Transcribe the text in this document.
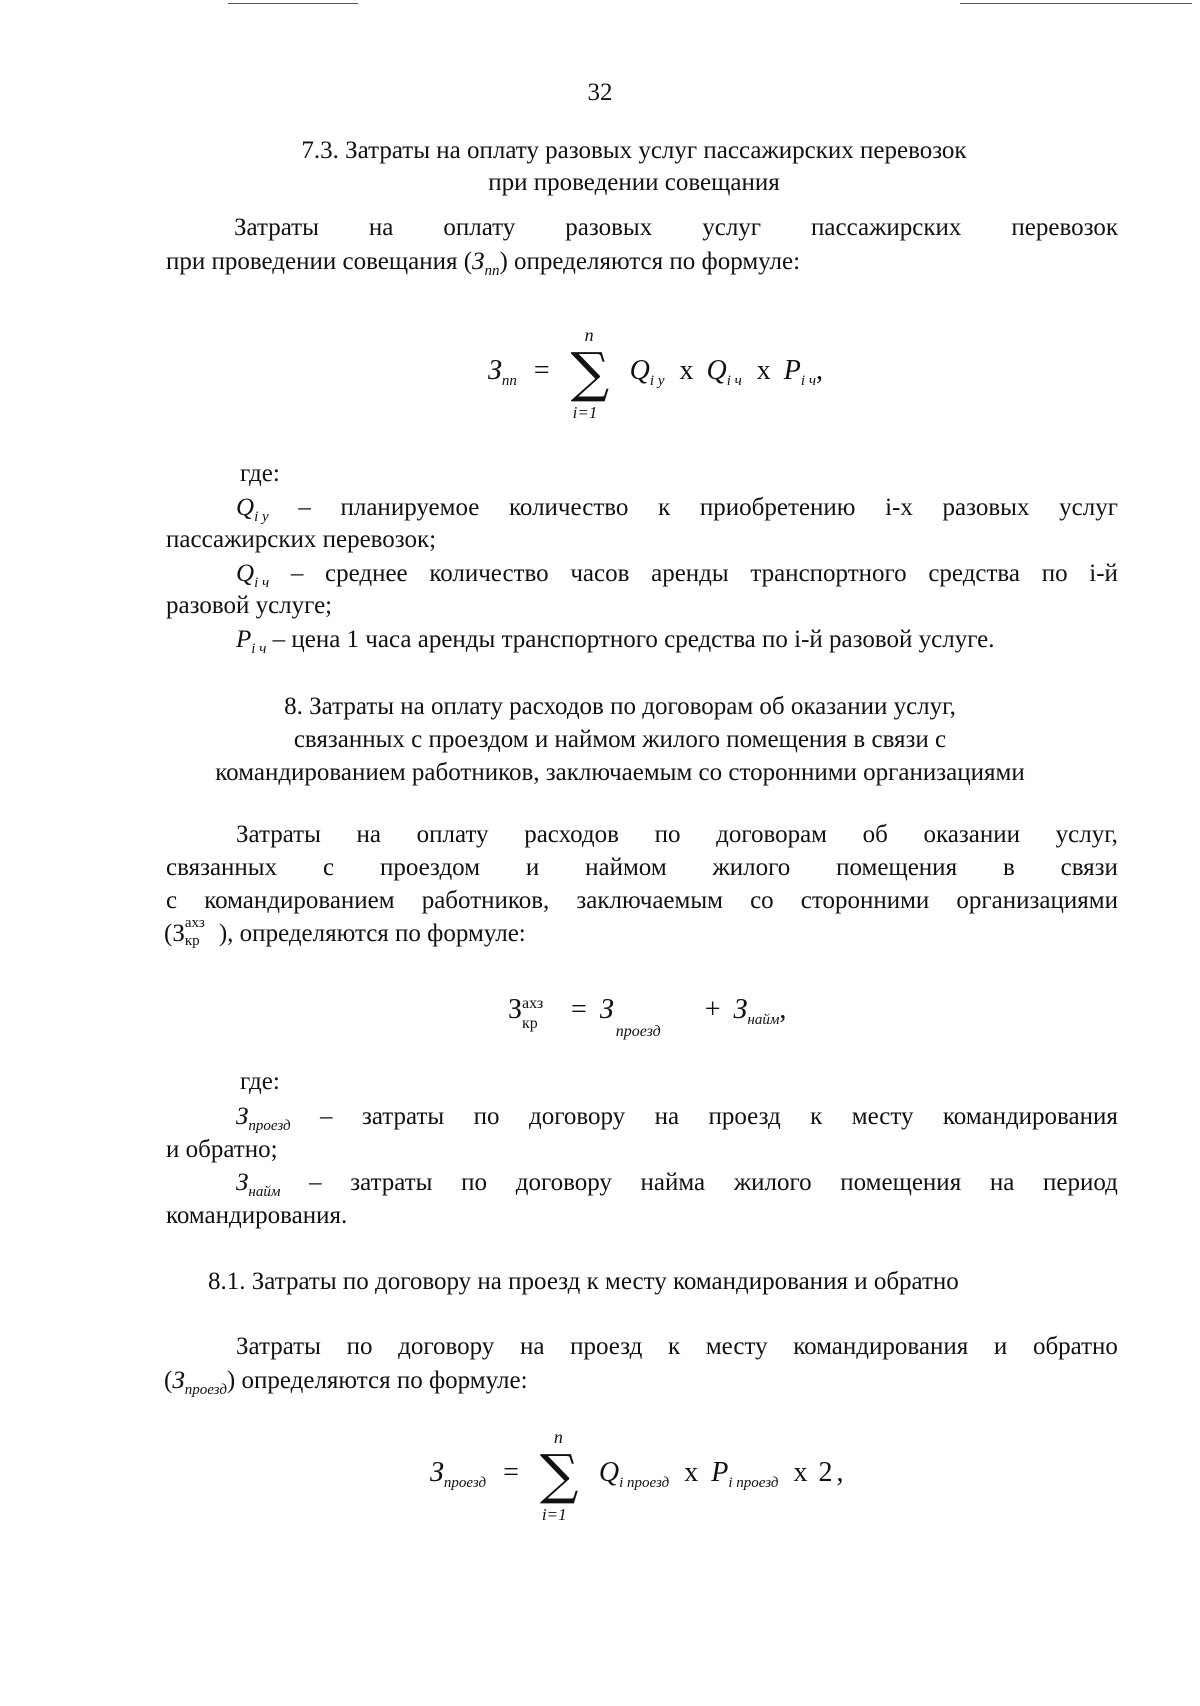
32
7.3. Затраты на оплату разовых услуг пассажирских перевозок
при проведении совещания
Затраты на оплату разовых услуг пассажирских перевозок
при проведении совещания $(З_{пп})$ определяются по формуле:
$З_{пп}$ =
n
∑
i=1
$Q_{i у}$ х $Q_{i ч}$ х $P_{i ч}$,
где:
$Q_{i у}$ – планируемое количество к приобретению i-х разовых услуг
пассажирских перевозок;
$Q_{i ч}$ – среднее количество часов аренды транспортного средства по i-й
разовой услуге;
$P_{i ч}$ – цена 1 часа аренды транспортного средства по i-й разовой услуге.
8. Затраты на оплату расходов по договорам об оказании услуг,
связанных с проездом и наймом жилого помещения в связи с
командированием работников, заключаемым со сторонними организациями
Затраты на оплату расходов по договорам об оказании услуг,
связанных с проездом и наймом жилого помещения в связи
с командированием работников, заключаемым со сторонними организациями
(З ахз
кр ), определяются по формуле:
З ахз
кр = З
проезд
+ $З_{найм}$,
где:
$З_{проезд}$ – затраты по договору на проезд к месту командирования
и обратно;
$З_{найм}$ – затраты по договору найма жилого помещения на период
командирования.
8.1. Затраты по договору на проезд к месту командирования и обратно
Затраты по договору на проезд к месту командирования и обратно
$(З_{проезд})$ определяются по формуле:
$З_{проезд}$ =
n
∑
i=1
$Q_{i проезд}$ х $P_{i проезд}$ х 2 ,
